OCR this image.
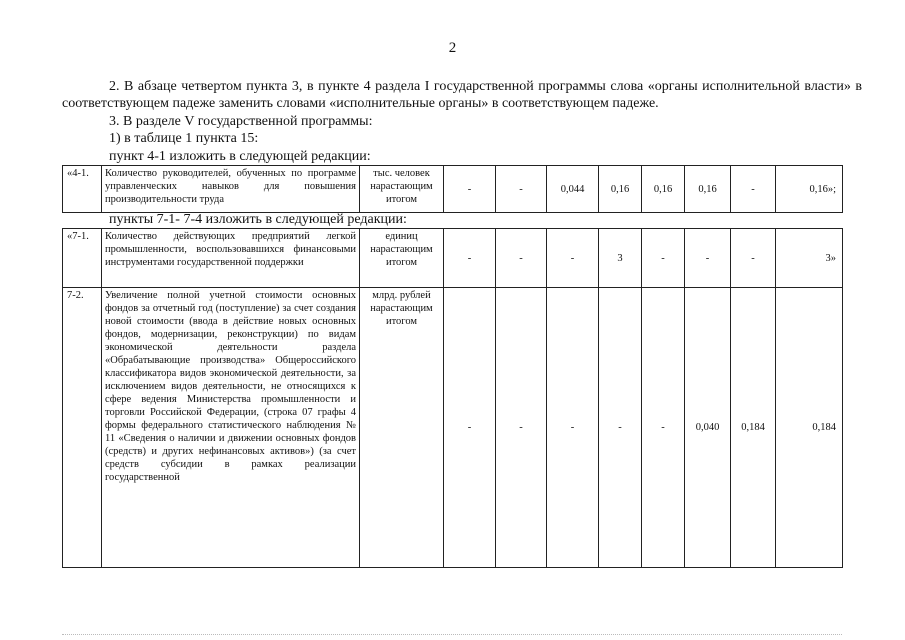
2

2. В абзаце четвертом пункта 3, в пункте 4 раздела I государственной программы слова «органы исполнительной власти» в соответствующем падеже заменить словами «исполнительные органы» в соответствующем падеже.

3. В разделе V государственной программы:

1) в таблице 1 пункта 15:

пункт 4-1 изложить в следующей редакции:

«4-1.	Количество руководителей, обученных по программе управленческих навыков для повышения производительности труда	тыс. человек нарастающим итогом	-	-	0,044	0,16	0,16	0,16	-	0,16»;

пункты 7-1- 7-4 изложить в следующей редакции:

«7-1.	Количество действующих предприятий легкой промышленности, воспользовавшихся финансовыми инструментами государственной поддержки	единиц нарастающим итогом	-	-	-	3	-	-	-	3»
7-2.	Увеличение полной учетной стоимости основных фондов за отчетный год (поступление) за счет создания новой стоимости (ввода в действие новых основных фондов, модернизации, реконструкции) по видам экономической деятельности раздела «Обрабатывающие производства» Общероссийского классификатора видов экономической деятельности, за исключением видов деятельности, не относящихся к сфере ведения Министерства промышленности и торговли Российской Федерации, (строка 07 графы 4 формы федерального статистического наблюдения № 11 «Сведения о наличии и движении основных фондов (средств) и других нефинансовых активов») (за счет средств субсидии в рамках реализации государственной	млрд. рублей нарастающим итогом	-	-	-	-	-	0,040	0,184	0,184
